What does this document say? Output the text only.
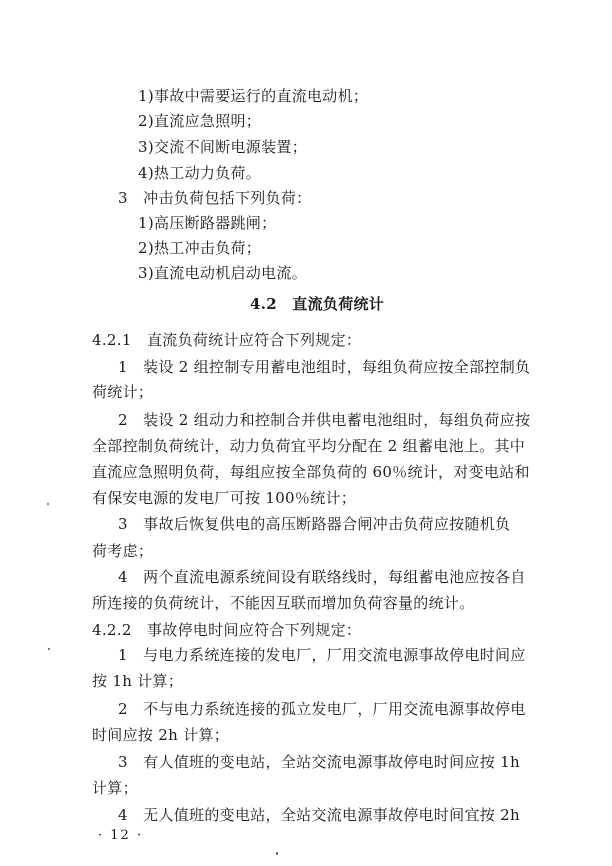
1)事故中需要运行的直流电动机；
2)直流应急照明；
3)交流不间断电源装置；
4)热工动力负荷。
3　冲击负荷包括下列负荷：
1)高压断路器跳闸；
2)热工冲击负荷；
3)直流电动机启动电流。
4.2　直流负荷统计
4.2.1　直流负荷统计应符合下列规定：
1　装设 2 组控制专用蓄电池组时，每组负荷应按全部控制负
荷统计；
2　装设 2 组动力和控制合并供电蓄电池组时，每组负荷应按
全部控制负荷统计，动力负荷宜平均分配在 2 组蓄电池上。其中
直流应急照明负荷，每组应按全部负荷的 60％统计，对变电站和
有保安电源的发电厂可按 100％统计；
3　事故后恢复供电的高压断路器合闸冲击负荷应按随机负
荷考虑；
4　两个直流电源系统间设有联络线时，每组蓄电池应按各自
所连接的负荷统计，不能因互联而增加负荷容量的统计。
4.2.2　事故停电时间应符合下列规定：
1　与电力系统连接的发电厂，厂用交流电源事故停电时间应
按 1h 计算；
2　不与电力系统连接的孤立发电厂，厂用交流电源事故停电
时间应按 2h 计算；
3　有人值班的变电站，全站交流电源事故停电时间应按 1h
计算；
4　无人值班的变电站，全站交流电源事故停电时间宜按 2h
· 12 ·
